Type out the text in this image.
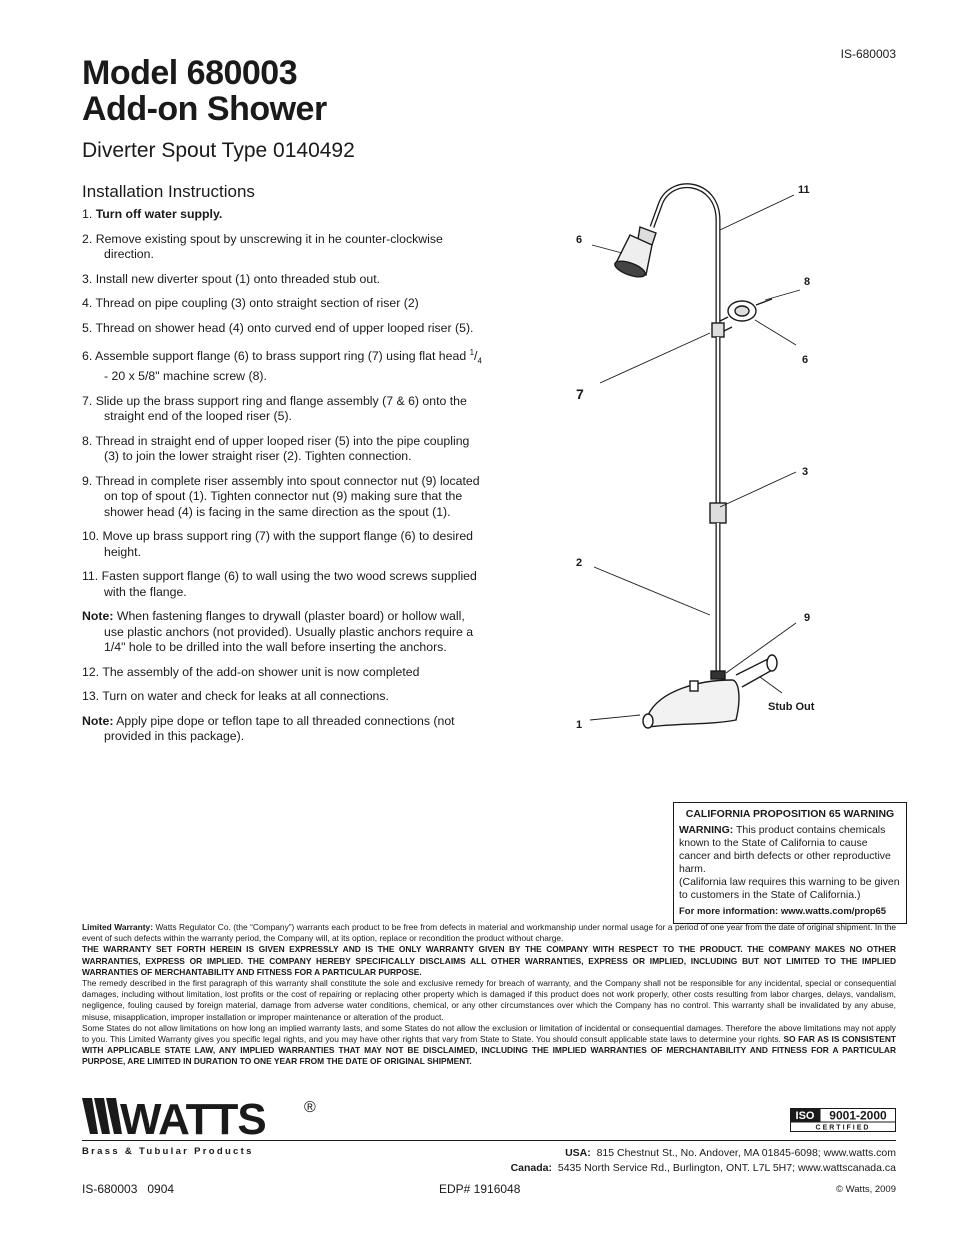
IS-680003
Model 680003
Add-on Shower
Diverter Spout Type 0140492
Installation Instructions
1. Turn off water supply.
2. Remove existing spout by unscrewing it in he counter-clockwise direction.
3. Install new diverter spout (1) onto threaded stub out.
4. Thread on pipe coupling (3) onto straight section of riser (2)
5. Thread on shower head (4) onto curved end of upper looped riser (5).
6. Assemble support flange (6) to brass support ring (7) using flat head $^1/_4 - 20$ x 5/8" machine screw (8).
7. Slide up the brass support ring and flange assembly (7 & 6) onto the straight end of the looped riser (5).
8. Thread in straight end of upper looped riser (5) into the pipe coupling (3) to join the lower straight riser (2). Tighten connection.
9. Thread in complete riser assembly into spout connector nut (9) located on top of spout (1). Tighten connector nut (9) making sure that the shower head (4) is facing in the same direction as the spout (1).
10. Move up brass support ring (7) with the support flange (6) to desired height.
11. Fasten support flange (6) to wall using the two wood screws supplied with the flange.
Note: When fastening flanges to drywall (plaster board) or hollow wall, use plastic anchors (not provided). Usually plastic anchors require a 1/4" hole to be drilled into the wall before inserting the anchors.
12. The assembly of the add-on shower unit is now completed
13. Turn on water and check for leaks at all connections.
Note: Apply pipe dope or teflon tape to all threaded connections (not provided in this package).
11
6
8
6
7
3
2
9
1
Stub Out
CALIFORNIA PROPOSITION 65 WARNING
WARNING: This product contains chemicals known to the State of California to cause cancer and birth defects or other reproductive harm.
(California law requires this warning to be given to customers in the State of California.)
For more information: www.watts.com/prop65

Limited Warranty: Watts Regulator Co. (the “Company”) warrants each product to be free from defects in material and workmanship under normal usage for a period of one year from the date of original shipment. In the event of such defects within the warranty period, the Company will, at its option, replace or recondition the product without charge.
THE WARRANTY SET FORTH HEREIN IS GIVEN EXPRESSLY AND IS THE ONLY WARRANTY GIVEN BY THE COMPANY WITH RESPECT TO THE PRODUCT. THE COMPANY MAKES NO OTHER WARRANTIES, EXPRESS OR IMPLIED. THE COMPANY HEREBY SPECIFICALLY DISCLAIMS ALL OTHER WARRANTIES, EXPRESS OR IMPLIED, INCLUDING BUT NOT LIMITED TO THE IMPLIED WARRANTIES OF MERCHANTABILITY AND FITNESS FOR A PARTICULAR PURPOSE.

The remedy described in the first paragraph of this warranty shall constitute the sole and exclusive remedy for breach of warranty, and the Company shall not be responsible for any incidental, special or consequential damages, including without limitation, lost profits or the cost of repairing or replacing other property which is damaged if this product does not work properly, other costs resulting from labor charges, delays, vandalism, negligence, fouling caused by foreign material, damage from adverse water conditions, chemical, or any other circumstances over which the Company has no control. This warranty shall be invalidated by any abuse, misuse, misapplication, improper installation or improper maintenance or alteration of the product.

Some States do not allow limitations on how long an implied warranty lasts, and some States do not allow the exclusion or limitation of incidental or consequential damages. Therefore the above limitations may not apply to you. This Limited Warranty gives you specific legal rights, and you may have other rights that vary from State to State. You should consult applicable state laws to determine your rights. SO FAR AS IS CONSISTENT WITH APPLICABLE STATE LAW, ANY IMPLIED WARRANTIES THAT MAY NOT BE DISCLAIMED, INCLUDING THE IMPLIED WARRANTIES OF MERCHANTABILITY AND FITNESS FOR A PARTICULAR PURPOSE, ARE LIMITED IN DURATION TO ONE YEAR FROM THE DATE OF ORIGINAL SHIPMENT.

WATTS ®
Brass & Tubular Products
ISO 9001-2000
CERTIFIED
USA: 815 Chestnut St., No. Andover, MA 01845-6098; www.watts.com
Canada: 5435 North Service Rd., Burlington, ONT. L7L 5H7; www.wattscanada.ca
IS-680003   0904	EDP# 1916048	© Watts, 2009
